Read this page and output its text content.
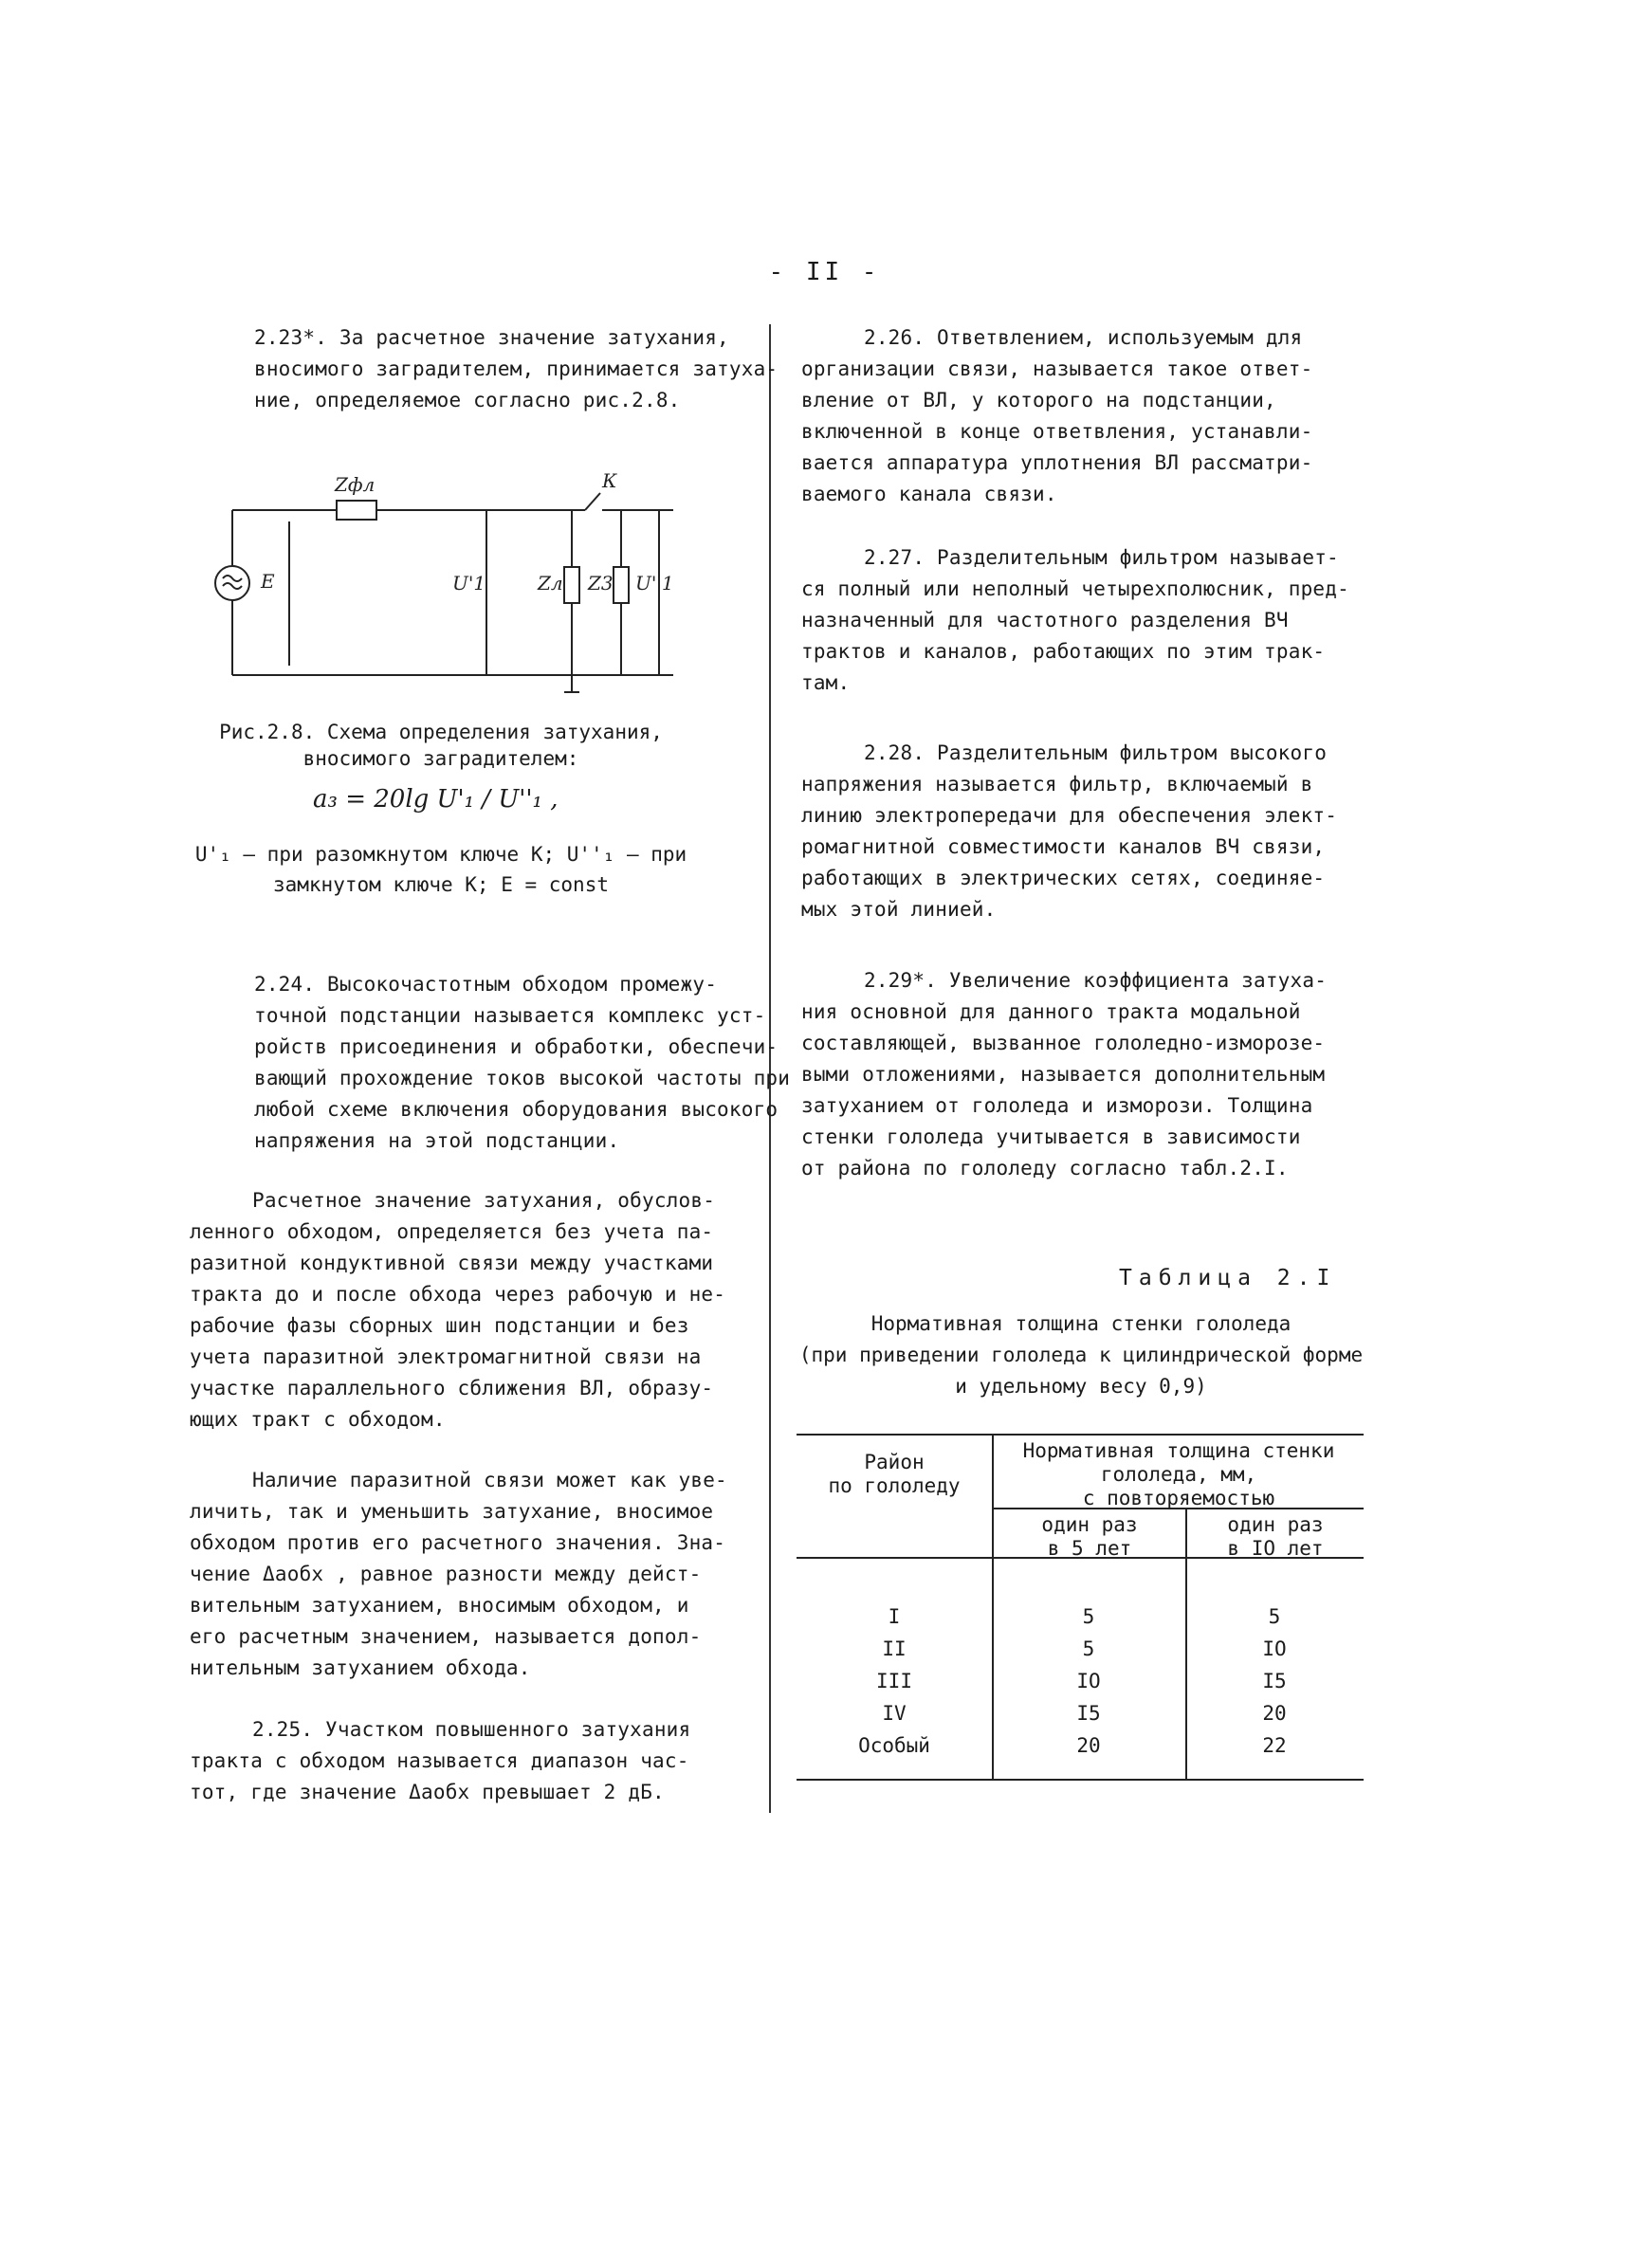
- II -
2.23*. За расчетное значение затухания,
вносимого заградителем, принимается затуха-
ние, определяемое согласно рис.2.8.
Zфл	К
E	U'1	Zл Z3 U''1
Рис.2.8. Схема определения затухания,
вносимого заградителем:
a₃ = 20lg U'₁ / U''₁ ,
U'₁ – при разомкнутом ключе К; U''₁ – при
замкнутом ключе К; E = const
2.24. Высокочастотным обходом промежу-
точной подстанции называется комплекс уст-
ройств присоединения и обработки, обеспечи-
вающий прохождение токов высокой частоты при
любой схеме включения оборудования высокого
напряжения на этой подстанции.
Расчетное значение затухания, обуслов-
ленного обходом, определяется без учета па-
разитной кондуктивной связи между участками
тракта до и после обхода через рабочую и не-
рабочие фазы сборных шин подстанции и без
учета паразитной электромагнитной связи на
участке параллельного сближения ВЛ, образу-
ющих тракт с обходом.
Наличие паразитной связи может как уве-
личить, так и уменьшить затухание, вносимое
обходом против его расчетного значения. Зна-
чение Δaобх , равное разности между дейст-
вительным затуханием, вносимым обходом, и
его расчетным значением, называется допол-
нительным затуханием обхода.
2.25. Участком повышенного затухания
тракта с обходом называется диапазон час-
тот, где значение Δaобх превышает 2 дБ.
2.26. Ответвлением, используемым для
организации связи, называется такое ответ-
вление от ВЛ, у которого на подстанции,
включенной в конце ответвления, устанавли-
вается аппаратура уплотнения ВЛ рассматри-
ваемого канала связи.
2.27. Разделительным фильтром называет-
ся полный или неполный четырехполюсник, пред-
назначенный для частотного разделения ВЧ
трактов и каналов, работающих по этим трак-
там.
2.28. Разделительным фильтром высокого
напряжения называется фильтр, включаемый в
линию электропередачи для обеспечения элект-
ромагнитной совместимости каналов ВЧ связи,
работающих в электрических сетях, соединяе-
мых этой линией.
2.29*. Увеличение коэффициента затуха-
ния основной для данного тракта модальной
составляющей, вызванное гололедно-изморозе-
выми отложениями, называется дополнительным
затуханием от гололеда и изморози. Толщина
стенки гололеда учитывается в зависимости
от района по гололеду согласно табл.2.I.
Таблица 2.I
Нормативная толщина стенки гололеда
(при приведении гололеда к цилиндрической форме
и удельному весу 0,9)
Район
по гололеду
Нормативная толщина стенки
гололеда, мм,
с повторяемостью
один раз
в 5 лет
один раз
в IO лет
I	5	5
II	5	IO
III	IO	I5
IV	I5	20
Особый	20	22
